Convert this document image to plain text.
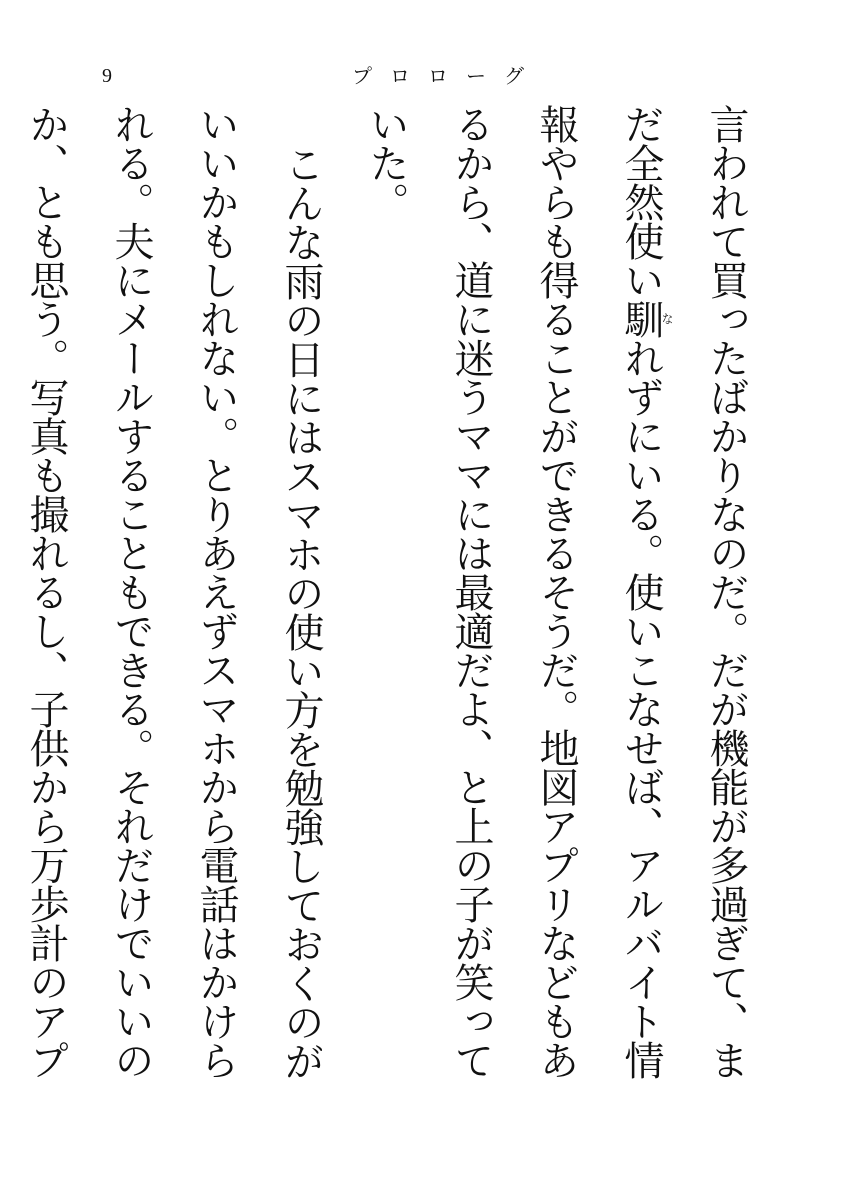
9	プロローグ

言われて買ったばかりなのだ。だが機能が多過ぎて、まだ全然使い馴なれずにいる。使いこなせば、アルバイト情報やらも得ることができるそうだ。地図アプリなどもあるから、道に迷うママには最適だよ、と上の子が笑っていた。

こんな雨の日にはスマホの使い方を勉強しておくのがいいかもしれない。とりあえずスマホから電話はかけられる。夫にメールすることもできる。それだけでいいのか、とも思う。写真も撮れるし、子供から万歩計のアプ
